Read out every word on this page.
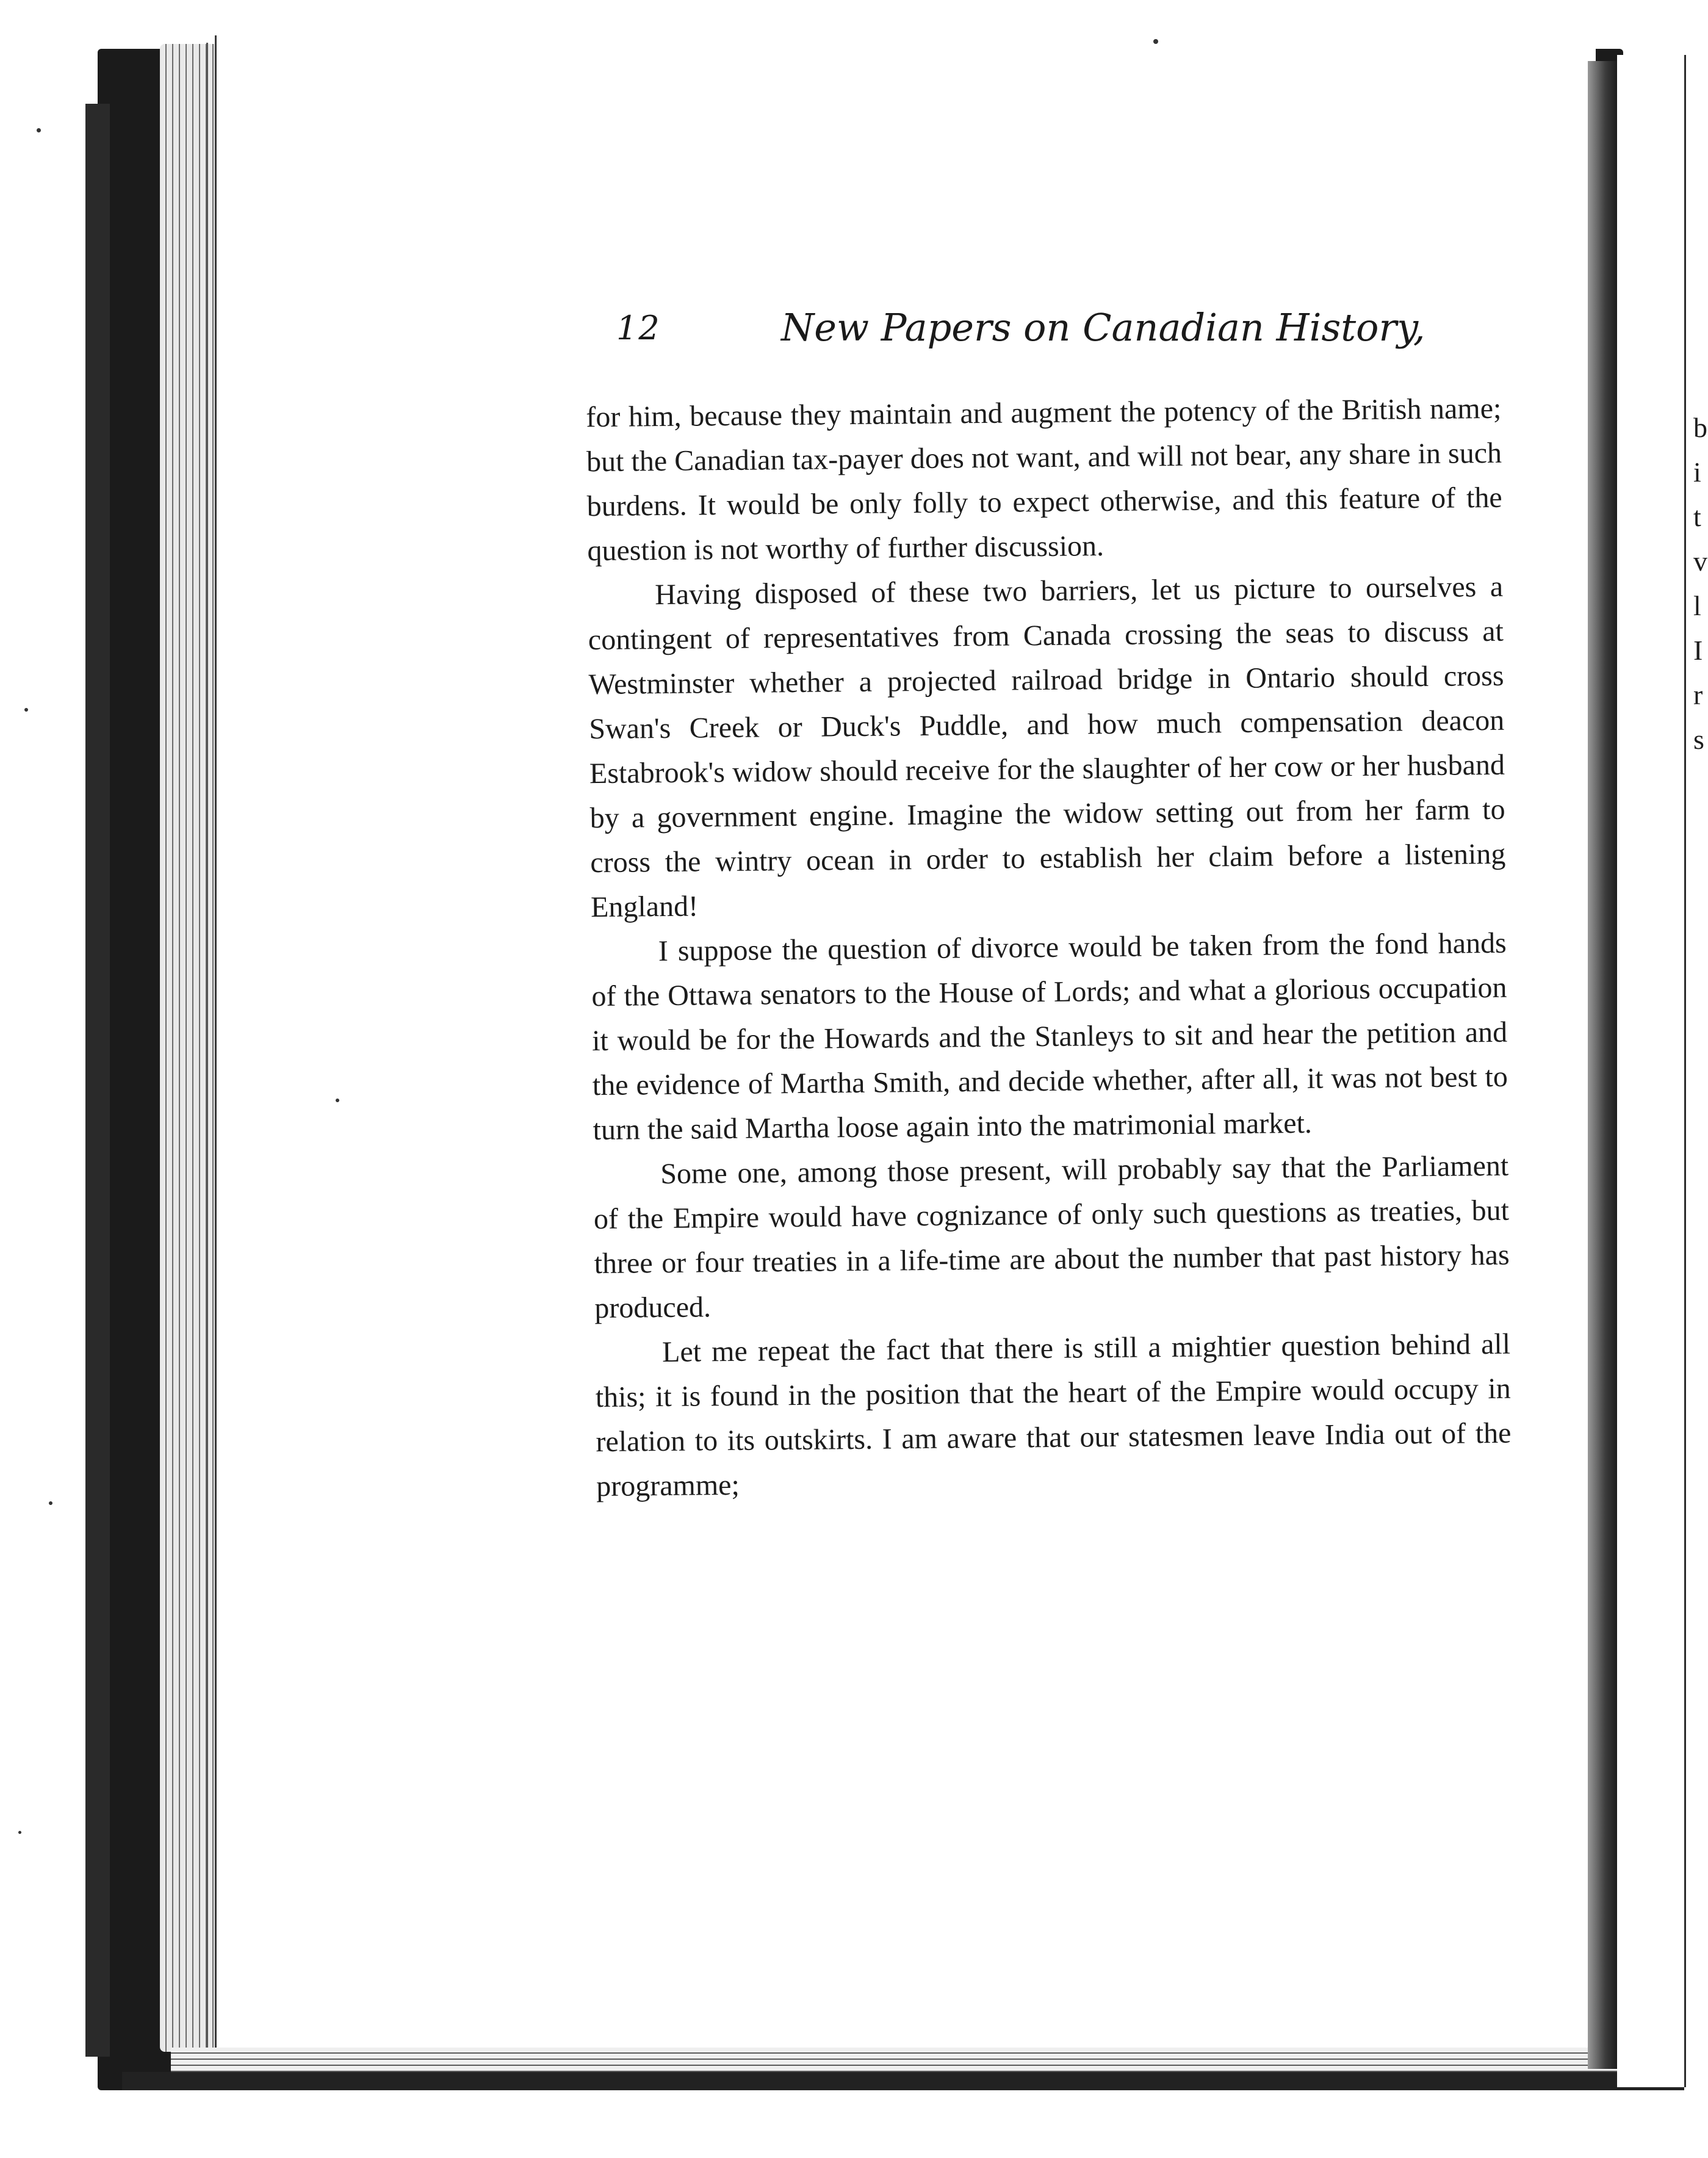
12	New Papers on Canadian History,

for him, because they maintain and augment the potency of the British name; but the Canadian tax-payer does not want, and will not bear, any share in such burdens. It would be only folly to expect otherwise, and this feature of the question is not worthy of further discussion.

Having disposed of these two barriers, let us picture to ourselves a contingent of representatives from Canada crossing the seas to discuss at Westminster whether a projected railroad bridge in Ontario should cross Swan's Creek or Duck's Puddle, and how much compensation deacon Estabrook's widow should receive for the slaughter of her cow or her husband by a government engine. Imagine the widow setting out from her farm to cross the wintry ocean in order to establish her claim before a listening England!

I suppose the question of divorce would be taken from the fond hands of the Ottawa senators to the House of Lords; and what a glorious occupation it would be for the Howards and the Stanleys to sit and hear the petition and the evidence of Martha Smith, and decide whether, after all, it was not best to turn the said Martha loose again into the matrimonial market.

Some one, among those present, will probably say that the Parliament of the Empire would have cognizance of only such questions as treaties, but three or four treaties in a life-time are about the number that past history has produced.

Let me repeat the fact that there is still a mightier question behind all this; it is found in the position that the heart of the Empire would occupy in relation to its outskirts. I am aware that our statesmen leave India out of the programme;

b
i
t
v
l
I
r
s
